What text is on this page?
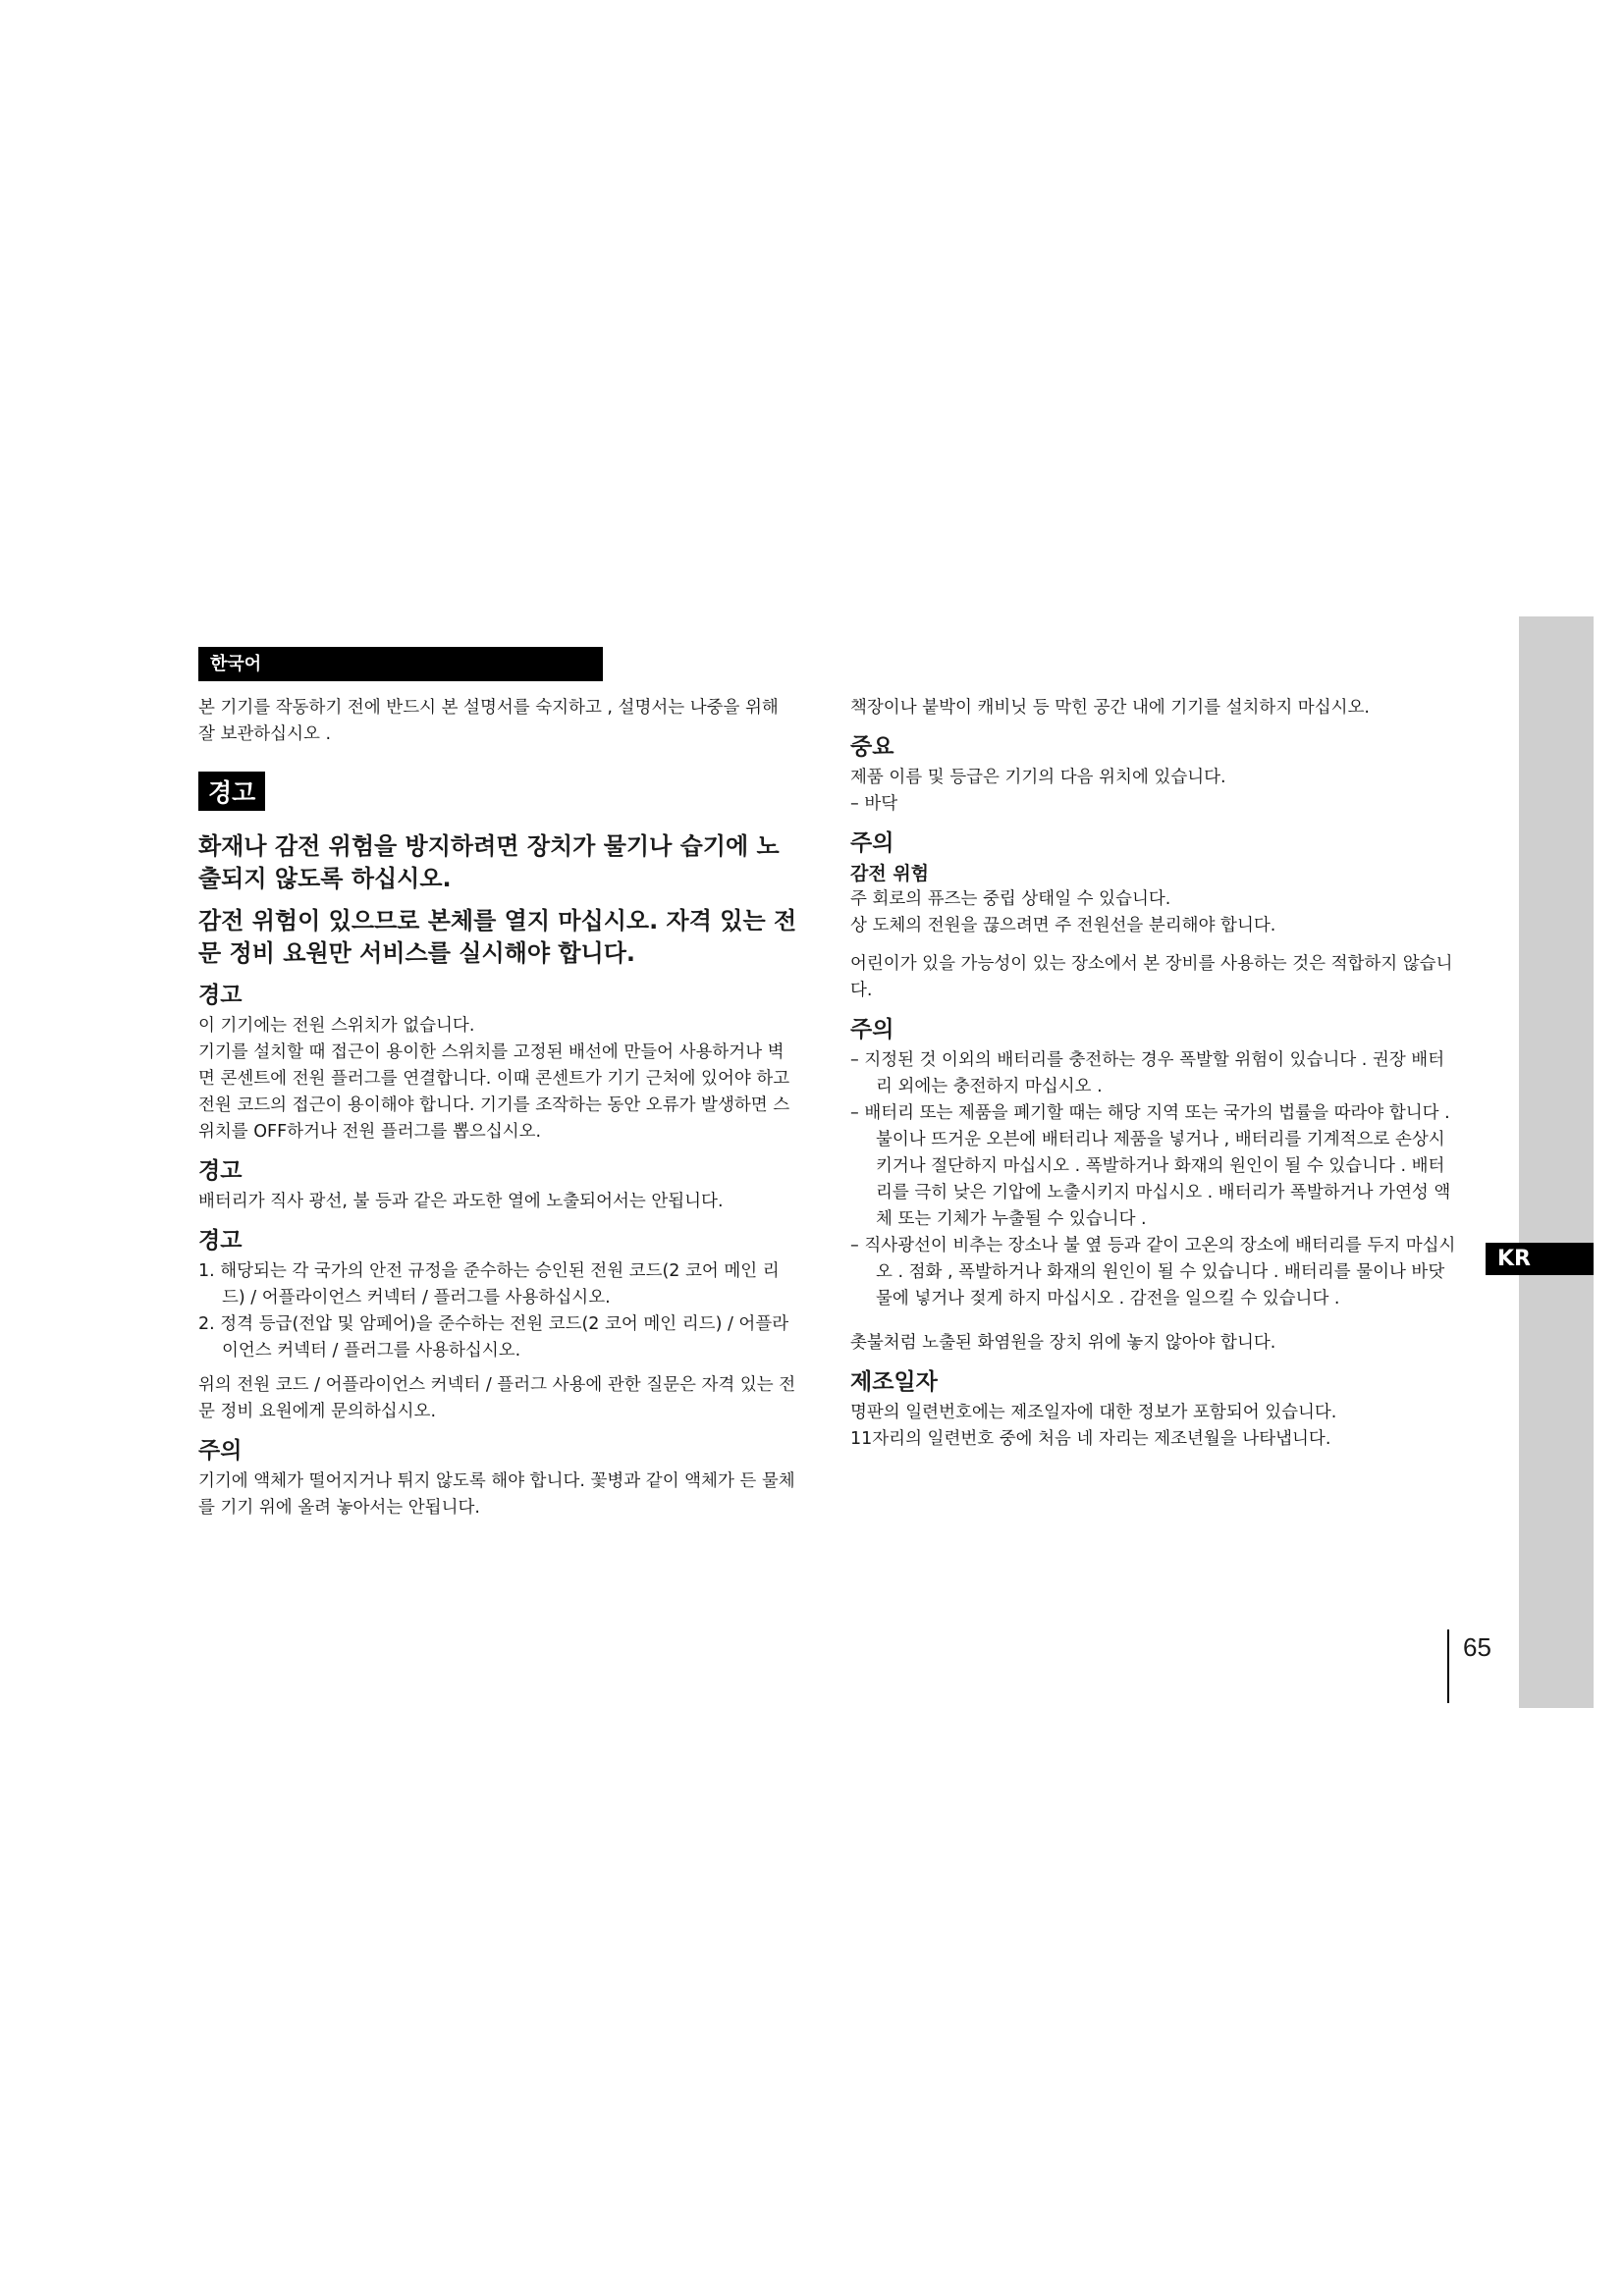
KR
65
한국어

본 기기를 작동하기 전에 반드시 본 설명서를 숙지하고 , 설명서는 나중을 위해 잘 보관하십시오 .

경고

화재나 감전 위험을 방지하려면 장치가 물기나 습기에 노출되지 않도록 하십시오.

감전 위험이 있으므로 본체를 열지 마십시오. 자격 있는 전문 정비 요원만 서비스를 실시해야 합니다.

경고

이 기기에는 전원 스위치가 없습니다.

기기를 설치할 때 접근이 용이한 스위치를 고정된 배선에 만들어 사용하거나 벽면 콘센트에 전원 플러그를 연결합니다. 이때 콘센트가 기기 근처에 있어야 하고 전원 코드의 접근이 용이해야 합니다. 기기를 조작하는 동안 오류가 발생하면 스위치를 OFF하거나 전원 플러그를 뽑으십시오.

경고

배터리가 직사 광선, 불 등과 같은 과도한 열에 노출되어서는 안됩니다.

경고
1. 해당되는 각 국가의 안전 규정을 준수하는 승인된 전원 코드(2 코어 메인 리드) / 어플라이언스 커넥터 / 플러그를 사용하십시오.
2. 정격 등급(전압 및 암페어)을 준수하는 전원 코드(2 코어 메인 리드) / 어플라이언스 커넥터 / 플러그를 사용하십시오.

위의 전원 코드 / 어플라이언스 커넥터 / 플러그 사용에 관한 질문은 자격 있는 전문 정비 요원에게 문의하십시오.

주의

기기에 액체가 떨어지거나 튀지 않도록 해야 합니다. 꽃병과 같이 액체가 든 물체를 기기 위에 올려 놓아서는 안됩니다.

책장이나 붙박이 캐비닛 등 막힌 공간 내에 기기를 설치하지 마십시오.

중요

제품 이름 및 등급은 기기의 다음 위치에 있습니다.

– 바닥

주의
감전 위험

주 회로의 퓨즈는 중립 상태일 수 있습니다.

상 도체의 전원을 끊으려면 주 전원선을 분리해야 합니다.

어린이가 있을 가능성이 있는 장소에서 본 장비를 사용하는 것은 적합하지 않습니다.

주의
– 지정된 것 이외의 배터리를 충전하는 경우 폭발할 위험이 있습니다 . 권장 배터리 외에는 충전하지 마십시오 .
– 배터리 또는 제품을 폐기할 때는 해당 지역 또는 국가의 법률을 따라야 합니다 . 불이나 뜨거운 오븐에 배터리나 제품을 넣거나 , 배터리를 기계적으로 손상시키거나 절단하지 마십시오 . 폭발하거나 화재의 원인이 될 수 있습니다 . 배터리를 극히 낮은 기압에 노출시키지 마십시오 . 배터리가 폭발하거나 가연성 액체 또는 기체가 누출될 수 있습니다 .
– 직사광선이 비추는 장소나 불 옆 등과 같이 고온의 장소에 배터리를 두지 마십시오 . 점화 , 폭발하거나 화재의 원인이 될 수 있습니다 . 배터리를 물이나 바닷물에 넣거나 젖게 하지 마십시오 . 감전을 일으킬 수 있습니다 .

촛불처럼 노출된 화염원을 장치 위에 놓지 않아야 합니다.

제조일자

명판의 일련번호에는 제조일자에 대한 정보가 포함되어 있습니다.

11자리의 일련번호 중에 처음 네 자리는 제조년월을 나타냅니다.
